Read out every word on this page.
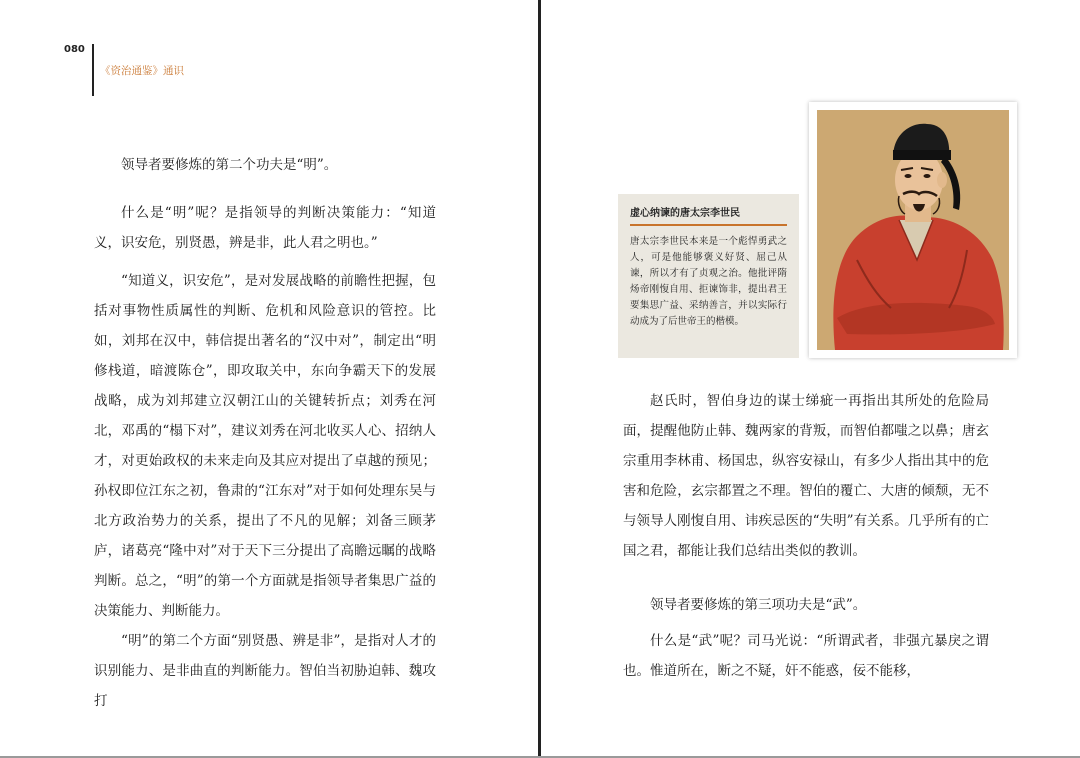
080
《资治通鉴》通识

领导者要修炼的第二个功夫是“明”。

什么是“明”呢？是指领导的判断决策能力：“知道义，识安危，别贤愚，辨是非，此人君之明也。”

“知道义，识安危”，是对发展战略的前瞻性把握，包括对事物性质属性的判断、危机和风险意识的管控。比如，刘邦在汉中，韩信提出著名的“汉中对”，制定出“明修栈道，暗渡陈仓”，即攻取关中，东向争霸天下的发展战略，成为刘邦建立汉朝江山的关键转折点；刘秀在河北，邓禹的“榻下对”，建议刘秀在河北收买人心、招纳人才，对更始政权的未来走向及其应对提出了卓越的预见；孙权即位江东之初，鲁肃的“江东对”对于如何处理东吴与北方政治势力的关系，提出了不凡的见解；刘备三顾茅庐，诸葛亮“隆中对”对于天下三分提出了高瞻远瞩的战略判断。总之，“明”的第一个方面就是指领导者集思广益的决策能力、判断能力。

“明”的第二个方面“别贤愚、辨是非”，是指对人才的识别能力、是非曲直的判断能力。智伯当初胁迫韩、魏攻打

虚心纳谏的唐太宗李世民

唐太宗李世民本来是一个彪悍勇武之人，可是他能够褒义好贤、屈己从谏，所以才有了贞观之治。他批评隋炀帝刚愎自用、拒谏饰非，提出君王要集思广益、采纳善言，并以实际行动成为了后世帝王的楷模。

赵氏时，智伯身边的谋士绨疵一再指出其所处的危险局面，提醒他防止韩、魏两家的背叛，而智伯都嗤之以鼻；唐玄宗重用李林甫、杨国忠，纵容安禄山，有多少人指出其中的危害和危险，玄宗都置之不理。智伯的覆亡、大唐的倾颓，无不与领导人刚愎自用、讳疾忌医的“失明”有关系。几乎所有的亡国之君，都能让我们总结出类似的教训。

领导者要修炼的第三项功夫是“武”。

什么是“武”呢？司马光说：“所谓武者，非强亢暴戾之谓也。惟道所在，断之不疑，奸不能惑，佞不能移，
